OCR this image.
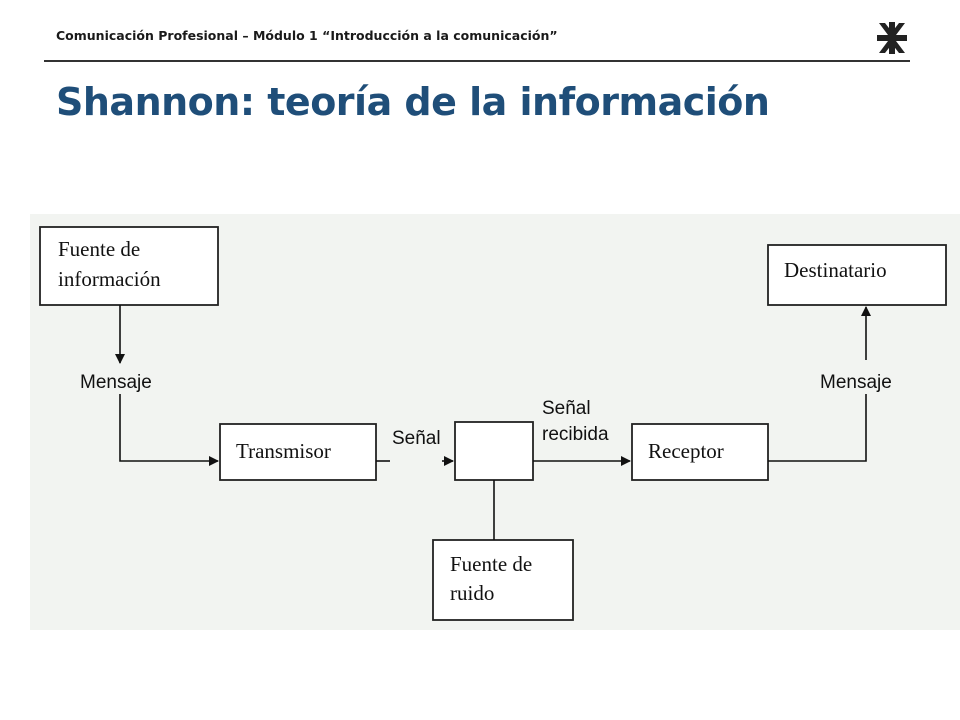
Comunicación Profesional – Módulo 1 “Introducción a la comunicación”
Shannon: teoría de la información
Fuente de
información
Transmisor	Receptor
Destinatario
Fuente de
ruido
Mensaje
Señal
Señal
recibida
Mensaje
